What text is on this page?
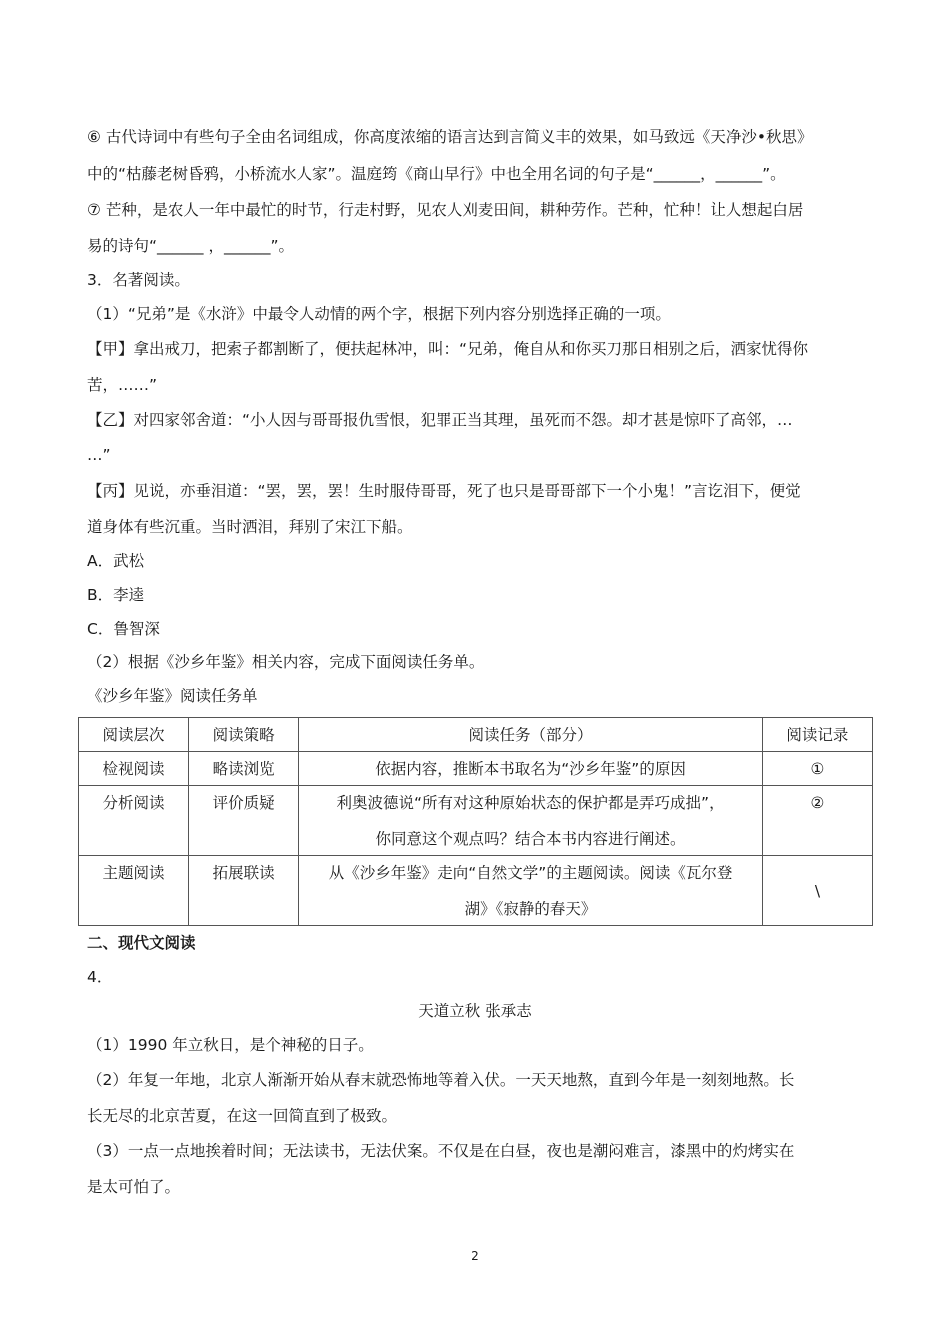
⑥ 古代诗词中有些句子全由名词组成，你高度浓缩的语言达到言简义丰的效果，如马致远《天净沙•秋思》
中的“枯藤老树昏鸦，小桥流水人家”。温庭筠《商山早行》中也全用名词的句子是“______，______”。
⑦ 芒种，是农人一年中最忙的时节，行走村野，见农人刈麦田间，耕种劳作。芒种，忙种！让人想起白居
易的诗句“______ ，______”。
3．名著阅读。
（1）“兄弟”是《水浒》中最令人动情的两个字，根据下列内容分别选择正确的一项。
【甲】拿出戒刀，把索子都割断了，便扶起林冲，叫：“兄弟，俺自从和你买刀那日相别之后，洒家忧得你
苦，……”
【乙】对四家邻舍道：“小人因与哥哥报仇雪恨，犯罪正当其理，虽死而不怨。却才甚是惊吓了高邻，…
…”
【丙】见说，亦垂泪道：“罢，罢，罢！生时服侍哥哥，死了也只是哥哥部下一个小鬼！”言讫泪下，便觉
道身体有些沉重。当时洒泪，拜别了宋江下船。
A．武松
B．李逵
C．鲁智深
（2）根据《沙乡年鉴》相关内容，完成下面阅读任务单。
《沙乡年鉴》阅读任务单
阅读层次	阅读策略	阅读任务（部分）	阅读记录
检视阅读	略读浏览	依据内容，推断本书取名为“沙乡年鉴”的原因	①
分析阅读	评价质疑	利奥波德说“所有对这种原始状态的保护都是弄巧成拙”，
你同意这个观点吗？结合本书内容进行阐述。	②
主题阅读	拓展联读	从《沙乡年鉴》走向“自然文学”的主题阅读。阅读《瓦尔登
湖》《寂静的春天》	\
二、现代文阅读
4．
天道立秋 张承志
（1）1990 年立秋日，是个神秘的日子。
（2）年复一年地，北京人渐渐开始从春末就恐怖地等着入伏。一天天地熬，直到今年是一刻刻地熬。长
长无尽的北京苦夏，在这一回简直到了极致。
（3）一点一点地挨着时间；无法读书，无法伏案。不仅是在白昼，夜也是潮闷难言，漆黑中的灼烤实在
是太可怕了。
2
